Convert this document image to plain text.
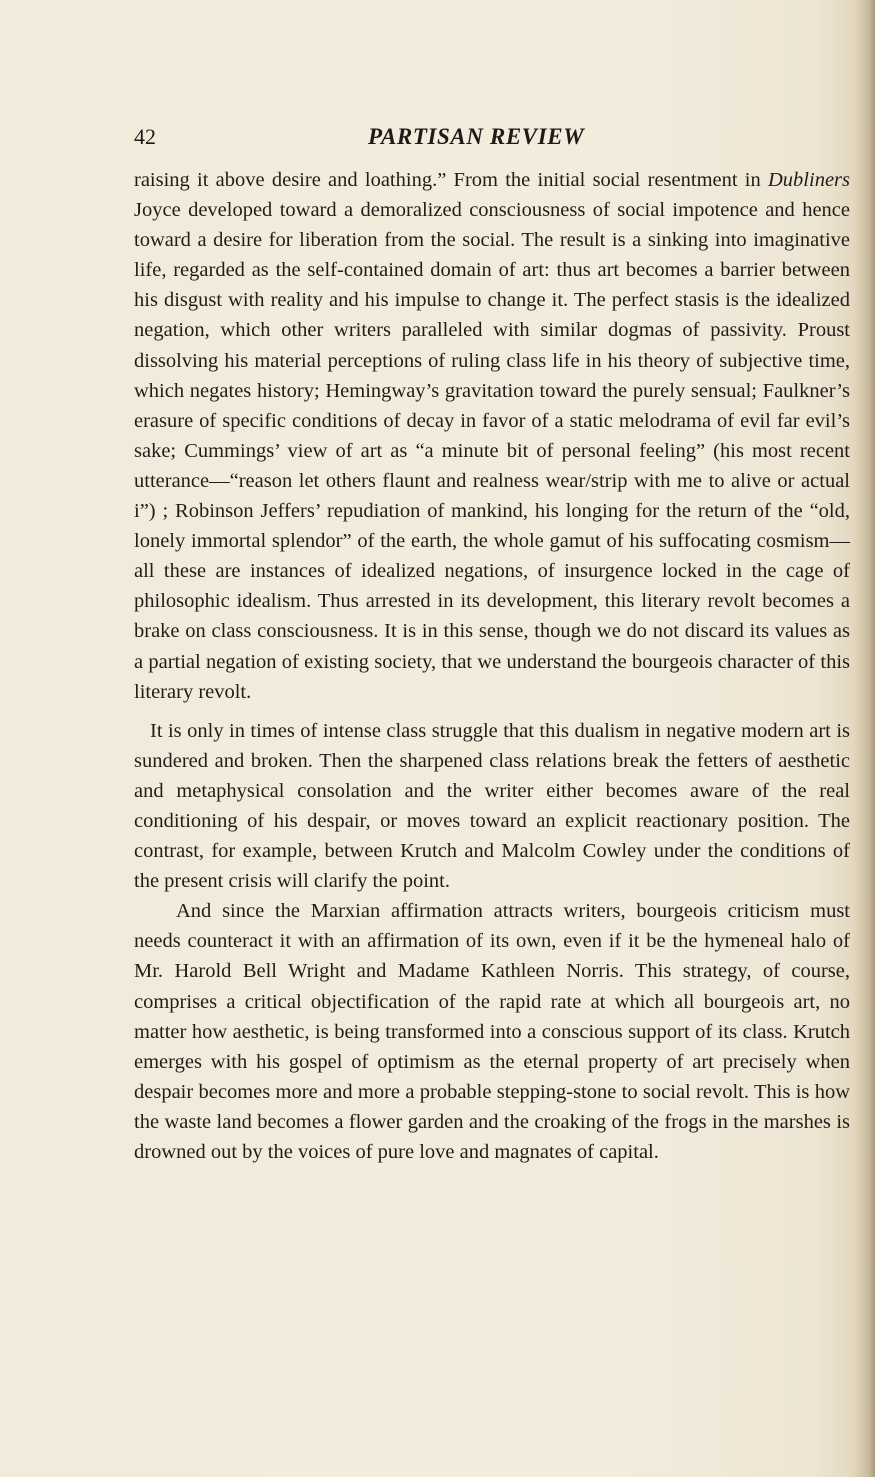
42	PARTISAN REVIEW

raising it above desire and loathing.” From the initial social resentment in Dubliners Joyce developed toward a demoralized consciousness of social impotence and hence toward a desire for liberation from the social. The result is a sinking into imaginative life, regarded as the self-contained domain of art: thus art becomes a barrier between his disgust with reality and his impulse to change it. The perfect stasis is the idealized negation, which other writers paralleled with similar dogmas of passivity. Proust dissolving his material perceptions of ruling class life in his theory of subjective time, which negates history; Hemingway’s gravitation toward the purely sensual; Faulkner’s erasure of specific conditions of decay in favor of a static melodrama of evil far evil’s sake; Cummings’ view of art as “a minute bit of personal feeling” (his most recent utterance—“reason let others flaunt and realness wear/strip with me to alive or actual i”) ; Robinson Jeffers’ repudiation of mankind, his longing for the return of the “old, lonely immortal splendor” of the earth, the whole gamut of his suffocating cosmism—all these are instances of idealized negations, of insurgence locked in the cage of philosophic idealism. Thus arrested in its development, this literary revolt becomes a brake on class consciousness. It is in this sense, though we do not discard its values as a partial negation of existing society, that we understand the bourgeois character of this literary revolt.

It is only in times of intense class struggle that this dualism in negative modern art is sundered and broken. Then the sharpened class relations break the fetters of aesthetic and metaphysical consolation and the writer either becomes aware of the real conditioning of his despair, or moves toward an explicit reactionary position. The contrast, for example, between Krutch and Malcolm Cowley under the conditions of the present crisis will clarify the point.

And since the Marxian affirmation attracts writers, bourgeois criticism must needs counteract it with an affirmation of its own, even if it be the hymeneal halo of Mr. Harold Bell Wright and Madame Kathleen Norris. This strategy, of course, comprises a critical objectification of the rapid rate at which all bourgeois art, no matter how aesthetic, is being transformed into a conscious support of its class. Krutch emerges with his gospel of optimism as the eternal property of art precisely when despair becomes more and more a probable stepping-stone to social revolt. This is how the waste land becomes a flower garden and the croaking of the frogs in the marshes is drowned out by the voices of pure love and magnates of capital.
